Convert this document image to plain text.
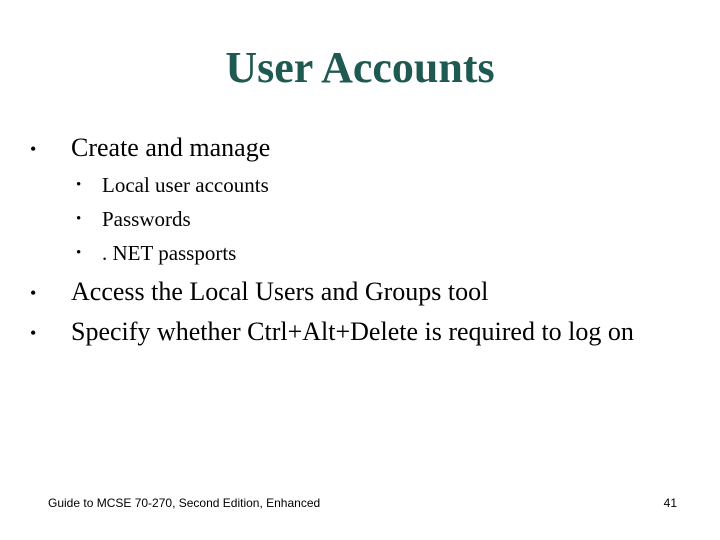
User Accounts
• Create and manage
• Local user accounts
• Passwords
• . NET passports
• Access the Local Users and Groups tool
• Specify whether Ctrl+Alt+Delete is required to log on
Guide to MCSE 70-270, Second Edition, Enhanced	41
